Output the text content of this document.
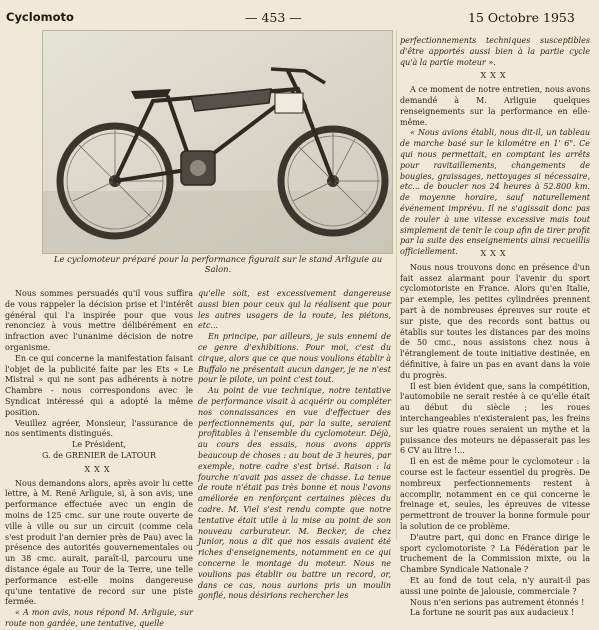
Cyclomoto	— 453 —	15 Octobre 1953
Le cyclomoteur préparé pour la performance figurait sur le stand Arliguie au Salon.

Nous sommes persuadés qu'il vous suffira de vous rappeler la décision prise et l'intérêt général qui l'a inspirée pour que vous renonciez à vous mettre délibérément en infraction avec l'unanime décision de notre organisme.

En ce qui concerne la manifestation faisant l'objet de la publicité faite par les Ets « Le Mistral » qui ne sont pas adhérents à notre Chambre - nous correspondons avec le Syndicat intéressé qui a adopté la même position.

Veuillez agréer, Monsieur, l'assurance de nos sentiments distingués.

Le Président,

G. de GRENIER de LATOUR

XXX

Nous demandons alors, après avoir lu cette lettre, à M. René Arliguie, si, à son avis, une performance effectuée avec un engin de moins de 125 cmc. sur une route ouverte de ville à ville ou sur un circuit (comme cela s'est produit l'an dernier près de Pau) avec la présence des autorités gouvernementales ou un 38 cmc. aurait, paraît-il, parcouru une distance égale au Tour de la Terre, une telle performance est-elle moins dangereuse qu'une tentative de record sur une piste fermée.

« A mon avis, nous répond M. Arliguie, sur route non gardée, une tentative, quelle

qu'elle soit, est excessivement dangereuse aussi bien pour ceux qui la réalisent que pour les autres usagers de la route, les piétons, etc...

En principe, par ailleurs, je suis ennemi de ce genre d'exhibitions. Pour moi, c'est du cirque, alors que ce que nous voulions établir à Buffalo ne présentait aucun danger, je ne n'est pour le pilote, un point c'est tout.

Au point de vue technique, notre tentative de performance visait à acquérir ou compléter nos connaissances en vue d'effectuer des perfectionnements qui, par la suite, seraient profitables à l'ensemble du cyclomoteur. Déjà, au cours des essais, nous avons appris beaucoup de choses : au bout de 3 heures, par exemple, notre cadre s'est brisé. Raison : la fourche n'avait pas assez de chasse. La tenue de route n'était pas très bonne et nous l'avons améliorée en renforçant certaines pièces du cadre. M. Viel s'est rendu compte que notre tentative était utile à la mise au point de son nouveau carburateur. M. Becker, de chez Junior, nous a dit que nos essais avaient été riches d'enseignements, notamment en ce qui concerne le montage du moteur. Nous ne voulions pas établir ou battre un record, or, dans ce cas, nous aurions pris un moulin gonflé, nous désirions rechercher les

perfectionnements techniques susceptibles d'être apportés aussi bien à la partie cycle qu'à la partie moteur ».

XXX

A ce moment de notre entretien, nous avons demandé à M. Arliguie quelques renseignements sur la performance en elle-même.

« Nous avions établi, nous dit-il, un tableau de marche basé sur le kilomètre en 1' 6". Ce qui nous permettait, en comptant les arrêts pour ravitaillements, changements de bougies, graissages, nettoyages si nécessaire, etc... de boucler nos 24 heures à 52.800 km. de moyenne horaire, sauf naturellement événement imprévu. Il ne s'agissait donc pas de rouler à une vitesse excessive mais tout simplement de tenir le coup afin de tirer profit par la suite des enseignements ainsi recueillis officiellement.	XXX

Nous nous trouvons donc en présence d'un fait assez alarmant pour l'avenir du sport cyclomotoriste en France. Alors qu'en Italie, par exemple, les petites cylindrées prennent part à de nombreuses épreuves sur route et sur piste, que des records sont battus ou établis sur toutes les distances par des moins de 50 cmc., nous assistons chez nous à l'étranglement de toute initiative destinée, en définitive, à faire un pas en avant dans la voie du progrès.

Il est bien évident que, sans la compétition, l'automobile ne serait restée à ce qu'elle était au début du siècle ; les roues interchangeables n'existeraient pas, les freins sur les quatre roues seraient un mythe et la puissance des moteurs ne dépasserait pas les 6 CV au litre !...

Il en est de même pour le cyclomoteur : la course est le facteur essentiel du progrès. De nombreux perfectionnements restent à accomplir, notamment en ce qui concerne le freinage et, seules, les épreuves de vitesse permettront de trouver la bonne formule pour la solution de ce problème.

D'autre part, qui donc en France dirige le sport cyclomotoriste ? La Fédération par le truchement de la Commission mixte, ou la Chambre Syndicale Nationale ?

Et au fond de tout cela, n'y aurait-il pas aussi une pointe de jalousie, commerciale ?

Nous n'en serions pas autrement étonnés !

La fortune ne sourit pas aux audacieux !
